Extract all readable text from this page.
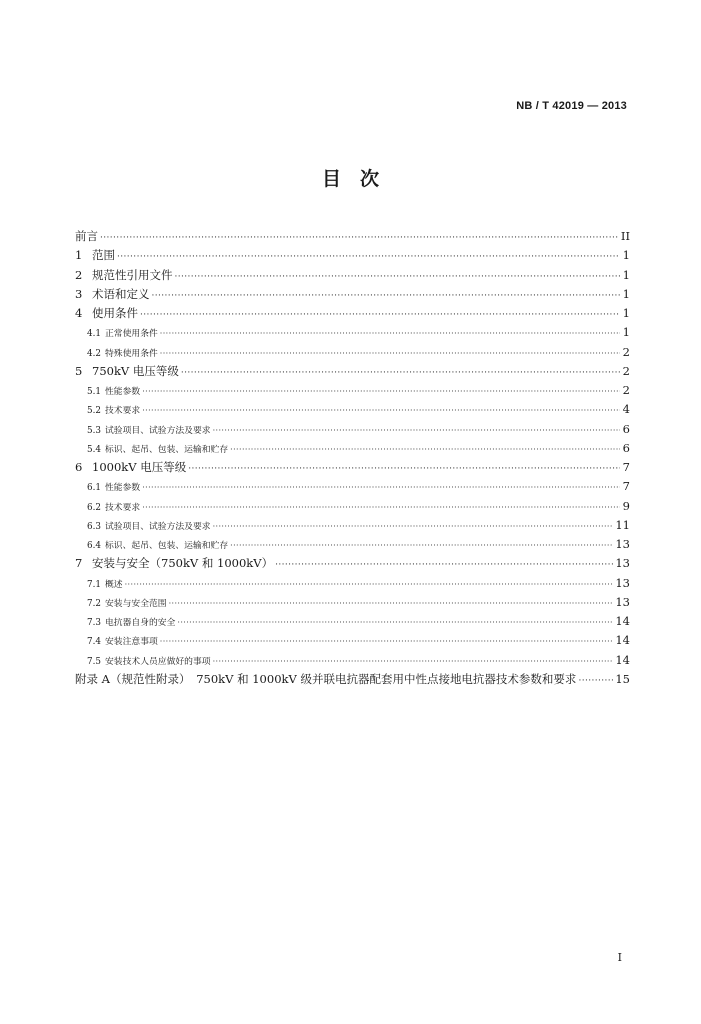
NB / T 42019 — 2013
目　次
前言 ·····	II
1 范围 ·····	1
2 规范性引用文件 ·····	1
3 术语和定义 ·····	1
4 使用条件 ·····	1
4.1 正常使用条件 ·····	1
4.2 特殊使用条件 ·····	2
5 750kV 电压等级 ·····	2
5.1 性能参数 ·····	2
5.2 技术要求 ·····	4
5.3 试验项目、试验方法及要求 ·····	6
5.4 标识、起吊、包装、运输和贮存 ·····	6
6 1000kV 电压等级 ·····	7
6.1 性能参数 ·····	7
6.2 技术要求 ·····	9
6.3 试验项目、试验方法及要求 ·····	11
6.4 标识、起吊、包装、运输和贮存 ·····	13
7 安装与安全（750kV 和 1000kV） ·····	13
7.1 概述 ·····	13
7.2 安装与安全范围 ·····	13
7.3 电抗器自身的安全 ·····	14
7.4 安装注意事项 ·····	14
7.5 安装技术人员应做好的事项 ·····	14
附录 A（规范性附录）　750kV 和 1000kV 级并联电抗器配套用中性点接地电抗器技术参数和要求 ·····	15
I
